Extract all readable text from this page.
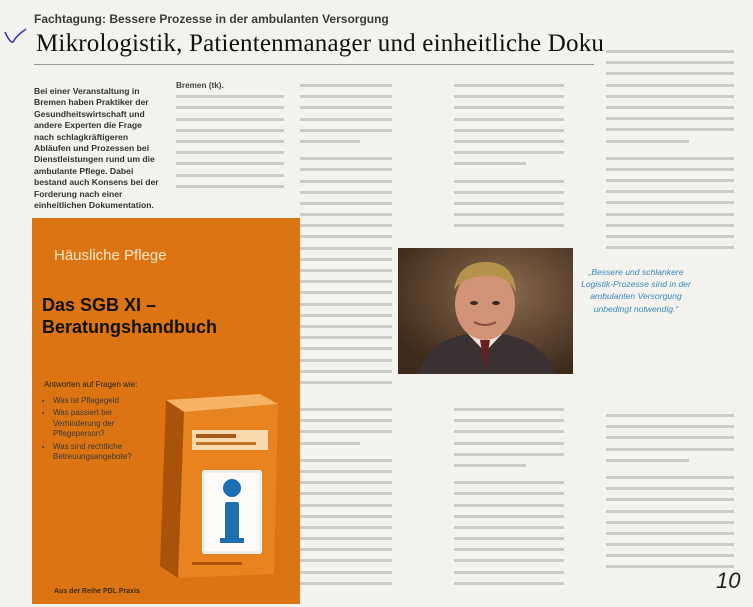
Fachtagung: Bessere Prozesse in der ambulanten Versorgung
Mikrologistik, Patientenmanager und einheitliche Doku
Bei einer Veranstaltung in Bremen haben Praktiker der Gesundheitswirtschaft und andere Experten die Frage nach schlagkräftigeren Abläufen und Prozessen bei Dienstleistungen rund um die ambulante Pflege. Dabei bestand auch Konsens bei der Forderung nach einer einheitlichen Dokumentation.
Bremen (tk).
Häusliche Pflege
Das SGB XI – Beratungshandbuch
Antworten auf Fragen wie:
• Was ist Pflegegeld
• Was passiert bei Verhinderung der Pflegeperson?
• Was sind rechtliche Betreuungsangebote?
Aus der Reihe PDL Praxis
„Bessere und schlankere Logistik-Prozesse sind in der ambulanten Versorgung unbedingt notwendig.“
10
